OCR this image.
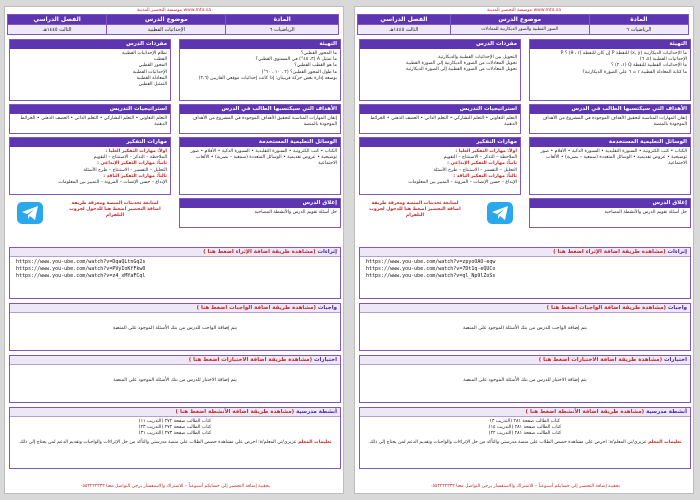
www.mta.sa موسسة التحضير المدينة
المادة	موضوع الدرس	الفصل الدراسي
الرياضيات ٦	الإحداثيات القطبية	الثالث ١٤٤٥هـ
التهيئة
ما المحور القطبي؟
ما تمثيل A (٣، ٤٥°) في المستوى القطبي؟
ما هو القطب القطبي؟
ما طول المحور القطبي؟ (٢ ، ١٠ ، ٦٠°)
بوسعه إدارة بعض حركة قريبتان: إذا كانت إحداثيات موقعي القاربين (٢،٦)
الأهداف التي سيكتسبها الطالب في الدرس
إتقان المهارات المناسبة لتحقيق الأهداف الموجودة في المشروع من الأهداف الموجودة بالمنصة
الوسائل التعليمية المستخدمة
الكتاب • كتب الكترونية • السبورة التقليدية • السبورة الذكية • الأقلام • صور توضيحية • عروض تقديمية • الوسائل المتعددة (سمعية – بصرية) • الألعاب الاجتماعية
إغلاق الدرس
حل أسئلة تقويم الدرس والأنشطة المصاحبة
مفردات الدرس
نظام الإحداثيات القطبية
القطب
المحور القطبي
الإحداثيات القطبية
المعادلة القطبية
التمثيل القطبي
استراتيجيات التدريس
التعلم التعاوني • التعلم التشاركي • التعلم الذاتي • العصف الذهني • الخرائط الذهنية
مهارات التفكير
اولاً: مهارات التفكير العليا :
الملاحظة – التذكر – الاستنتاج – التقويم
ثانياً: مهارات التفكير الإبداعي :
التحليل – التفسير – الاستنتاج – طرح الأسئلة
ثالثاً: مهارات التفكير الناقد :
الإبداع – حسن الإنصات – المرونة – التمييز بين المعلومات
لمتابعة تحديثات المنصة ومعرفة طريقة اضافة التحضير اضغط هنا للدخول لجروب التلقرام
إثراءات (مشاهدة طريقة اضافة الإثراء اضغط هنا )
https://www.you-ube.com/watch?v=DqaQLtnGq2s
https://www.you-ube.com/watch?v=PVyIoKfFkw0
https://www.you-ube.com/watch?v=z4_xMYaFCql
واجبات (مشاهدة طريقة اضافة الواجبات اضغط هنا )
يتم إضافة الواجب للدرس من بنك الأسئلة الموجود على المنصة
اختبارات (مشاهدة طريقة اضافة الاختبارات اضغط هنا )
يتم إضافة الاختبار للدرس من بنك الأسئلة الموجود على المنصة
أنشطة مدرسية (مشاهدة طريقة اضافة الأنشطة اضغط هنا )
كتاب الطالب صفحة ٢٧٢ (التدريب ١١)
كتاب الطالب صفحة ٢٧٢ (التدريب ٢٣)
كتاب الطالب صفحة ٢٧٣ (التدريب ٣١)
تعليمات المعلم عزيزي/تي المعلم/ة: احرص على مشاهدة حصص الطلاب على منصة مدرستي والتأكد من حل الإثراءات والواجبات وتقديم الدعم لمن يحتاج إلى ذلك.
بحقيبة إضافة التحضير إلى حسابكم أسبوعياً – للاشتراك والاستفسار يرجى التواصل معنا ٠٥٥٣٢٢٢٣٣٣
www.mta.sa موسسة التحضير المدينة
المادة	موضوع الدرس	الفصل الدراسي
الرياضيات ٦	الصور القطبية والصور الديكارتية للمعادلات	الثالث ١٤٤٥هـ
التهيئة
ما الإحداثيات الديكارتية (x, y) للنقطة P إن كان للنقطة (θ ، r) ؟ P
الإحداثيات القطبية (٤، ٦)
ما الإحداثيات القطبية للنقطة Q (١، ٢) ؟
ما كتابة المعادلة القطبية r = ٦ على الصورة الديكارتية؟
الأهداف التي سيكتسبها الطالب في الدرس
إتقان المهارات المناسبة لتحقيق الأهداف الموجودة في المشروع من الأهداف الموجودة بالمنصة
الوسائل التعليمية المستخدمة
الكتاب • كتب الكترونية • السبورة التقليدية • السبورة الذكية • الأقلام • صور توضيحية • عروض تقديمية • الوسائل المتعددة (سمعية – بصرية) • الألعاب الاجتماعية
إغلاق الدرس
حل أسئلة تقويم الدرس والأنشطة المصاحبة
مفردات الدرس
التحويل بين الإحداثيات القطبية والديكارتية
تحويل المعادلات من الصورة الديكارتية إلى الصورة القطبية
تحويل المعادلات من الصورة القطبية إلى الصورة الديكارتية
استراتيجيات التدريس
التعلم التعاوني • التعلم التشاركي • التعلم الذاتي • العصف الذهني • الخرائط الذهنية
مهارات التفكير
اولاً: مهارات التفكير العليا :
الملاحظة – التذكر – الاستنتاج – التقويم
ثانياً: مهارات التفكير الإبداعي :
التحليل – التفسير – الاستنتاج – طرح الأسئلة
ثالثاً: مهارات التفكير الناقد :
الإبداع – حسن الإنصات – المرونة – التمييز بين المعلومات
لمتابعة تحديثات المنصة ومعرفة طريقة اضافة التحضير اضغط هنا للدخول لجروب التلقرام
إثراءات (مشاهدة طريقة اضافة الإثراء اضغط هنا )
https://www.you-ube.com/watch?v=zpyoOAO-eqw
https://www.you-ube.com/watch?v=7Dt1q-eQUCo
https://www.you-ube.com/watch?v=ql_Np9lZoSs
واجبات (مشاهدة طريقة اضافة الواجبات اضغط هنا )
يتم إضافة الواجب للدرس من بنك الأسئلة الموجود على المنصة
اختبارات (مشاهدة طريقة اضافة الاختبارات اضغط هنا )
يتم إضافة الاختبار للدرس من بنك الأسئلة الموجود على المنصة
أنشطة مدرسية (مشاهدة طريقة اضافة الأنشطة اضغط هنا )
كتاب الطالب صفحة ٢٨١ (التدريب ٣)
كتاب الطالب صفحة ٢٨١ (التدريب ١٥)
كتاب الطالب صفحة ٢٨١ (التدريب ٢٢)
تعليمات المعلم عزيزي/تي المعلم/ة: احرص على مشاهدة حصص الطلاب على منصة مدرستي والتأكد من حل الإثراءات والواجبات وتقديم الدعم لمن يحتاج إلى ذلك.
بحقيبة إضافة التحضير إلى حسابكم أسبوعياً – للاشتراك والاستفسار يرجى التواصل معنا ٠٥٥٣٢٢٢٣٣٣
